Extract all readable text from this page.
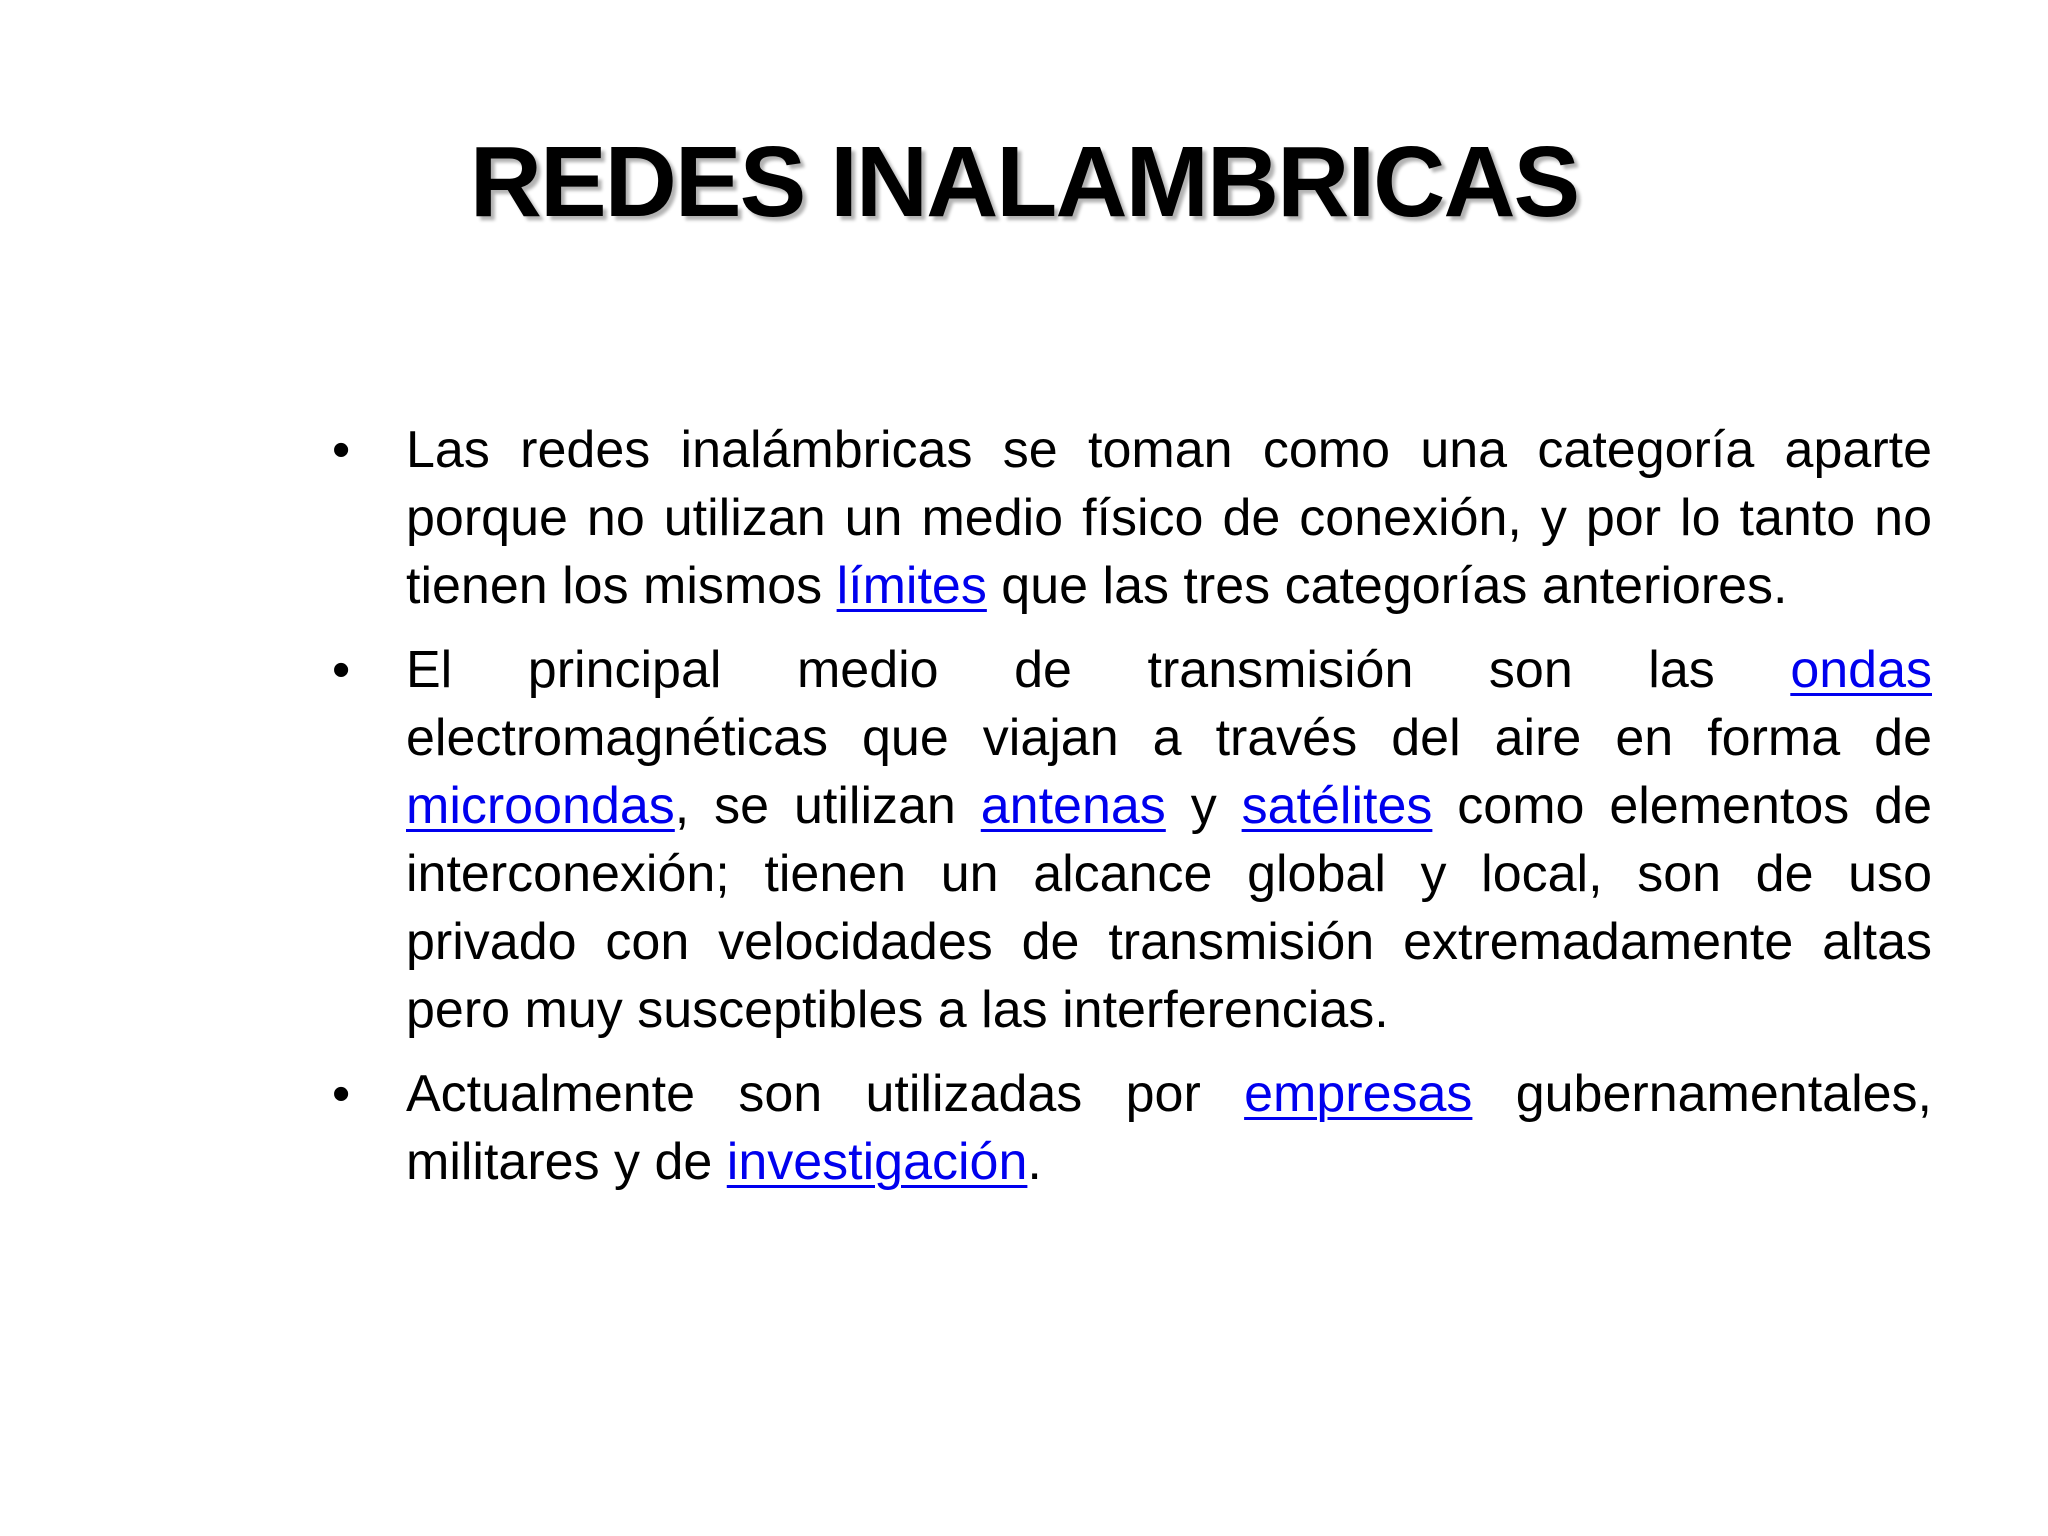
REDES INALAMBRICAS
• Las redes inalámbricas se toman como una categoría aparte porque no utilizan un medio físico de conexión, y por lo tanto no tienen los mismos límites que las tres categorías anteriores.
• El principal medio de transmisión son las ondas electromagnéticas que viajan a través del aire en forma de microondas, se utilizan antenas y satélites como elementos de interconexión; tienen un alcance global y local, son de uso privado con velocidades de transmisión extremadamente altas pero muy susceptibles a las interferencias.
• Actualmente son utilizadas por empresas gubernamentales, militares y de investigación.
